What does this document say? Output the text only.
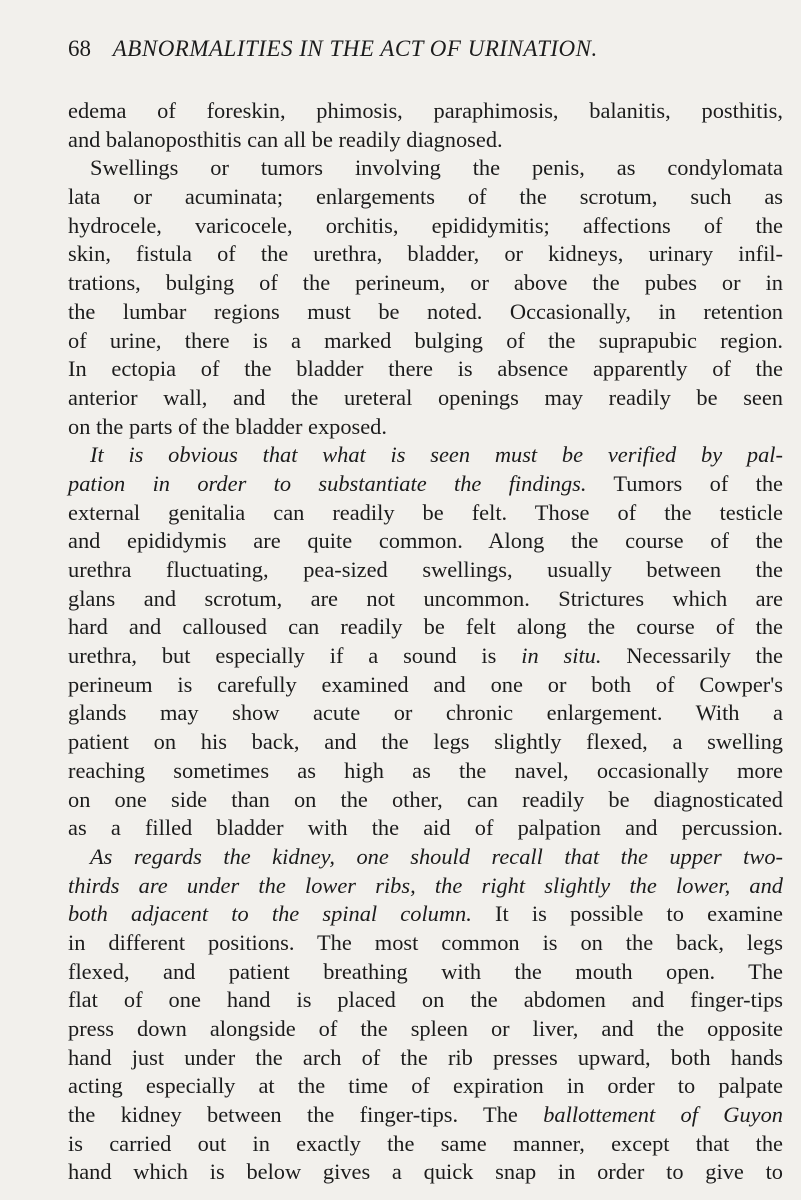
68 ABNORMALITIES IN THE ACT OF URINATION.
edema of foreskin, phimosis, paraphimosis, balanitis, posthitis,
and balanoposthitis can all be readily diagnosed.
Swellings or tumors involving the penis, as condylomata
lata or acuminata; enlargements of the scrotum, such as
hydrocele, varicocele, orchitis, epididymitis; affections of the
skin, fistula of the urethra, bladder, or kidneys, urinary infil-
trations, bulging of the perineum, or above the pubes or in
the lumbar regions must be noted. Occasionally, in retention
of urine, there is a marked bulging of the suprapubic region.
In ectopia of the bladder there is absence apparently of the
anterior wall, and the ureteral openings may readily be seen
on the parts of the bladder exposed.
It is obvious that what is seen must be verified by pal-
pation in order to substantiate the findings. Tumors of the
external genitalia can readily be felt. Those of the testicle
and epididymis are quite common. Along the course of the
urethra fluctuating, pea-sized swellings, usually between the
glans and scrotum, are not uncommon. Strictures which are
hard and calloused can readily be felt along the course of the
urethra, but especially if a sound is in situ. Necessarily the
perineum is carefully examined and one or both of Cowper's
glands may show acute or chronic enlargement. With a
patient on his back, and the legs slightly flexed, a swelling
reaching sometimes as high as the navel, occasionally more
on one side than on the other, can readily be diagnosticated
as a filled bladder with the aid of palpation and percussion.
As regards the kidney, one should recall that the upper two-
thirds are under the lower ribs, the right slightly the lower, and
both adjacent to the spinal column. It is possible to examine
in different positions. The most common is on the back, legs
flexed, and patient breathing with the mouth open. The
flat of one hand is placed on the abdomen and finger-tips
press down alongside of the spleen or liver, and the opposite
hand just under the arch of the rib presses upward, both hands
acting especially at the time of expiration in order to palpate
the kidney between the finger-tips. The ballottement of Guyon
is carried out in exactly the same manner, except that the
hand which is below gives a quick snap in order to give to
